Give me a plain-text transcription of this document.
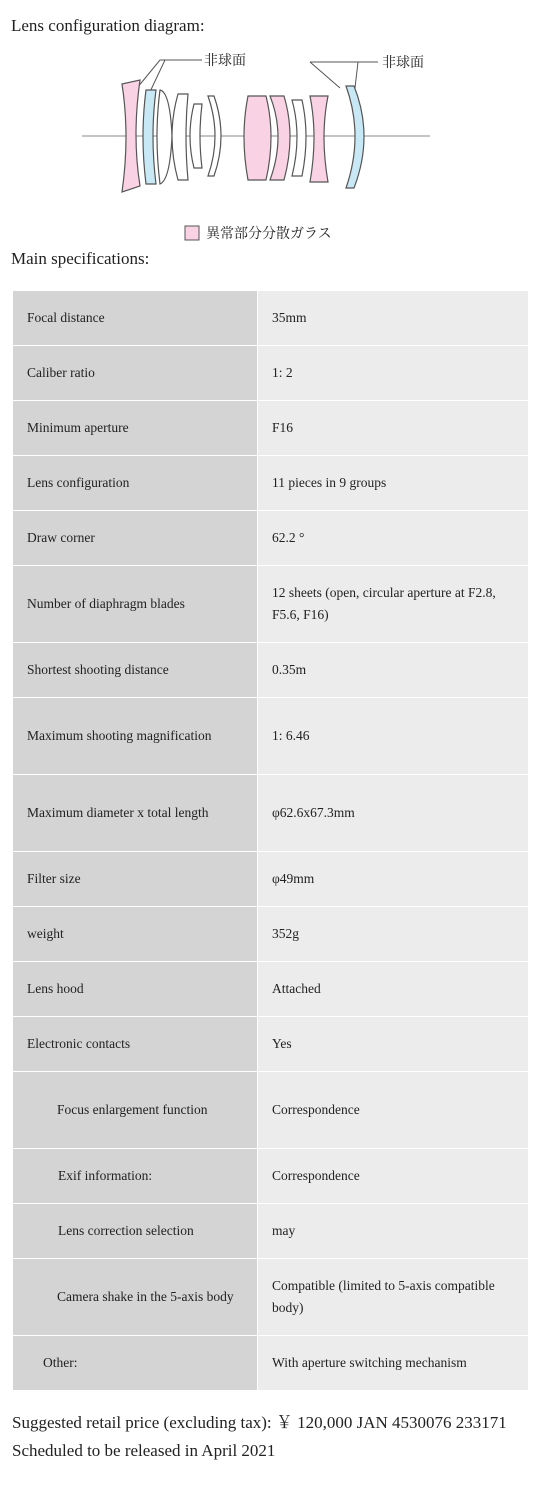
Lens configuration diagram:
非球面	非球面
異常部分分散ガラス
Main specifications:
Focal distance	35mm
Caliber ratio	1: 2
Minimum aperture	F16
Lens configuration	11 pieces in 9 groups
Draw corner	62.2 °
Number of diaphragm blades	12 sheets (open, circular aperture at F2.8, F5.6, F16)
Shortest shooting distance	0.35m
Maximum shooting magnification	1: 6.46
Maximum diameter x total length	φ62.6x67.3mm
Filter size	φ49mm
weight	352g
Lens hood	Attached
Electronic contacts	Yes
Focus enlargement function	Correspondence
Exif information:	Correspondence
Lens correction selection	may
Camera shake in the 5-axis body	Compatible (limited to 5-axis compatible body)
Other:	With aperture switching mechanism
Suggested retail price (excluding tax): ￥ 120,000 JAN 4530076 233171
Scheduled to be released in April 2021
